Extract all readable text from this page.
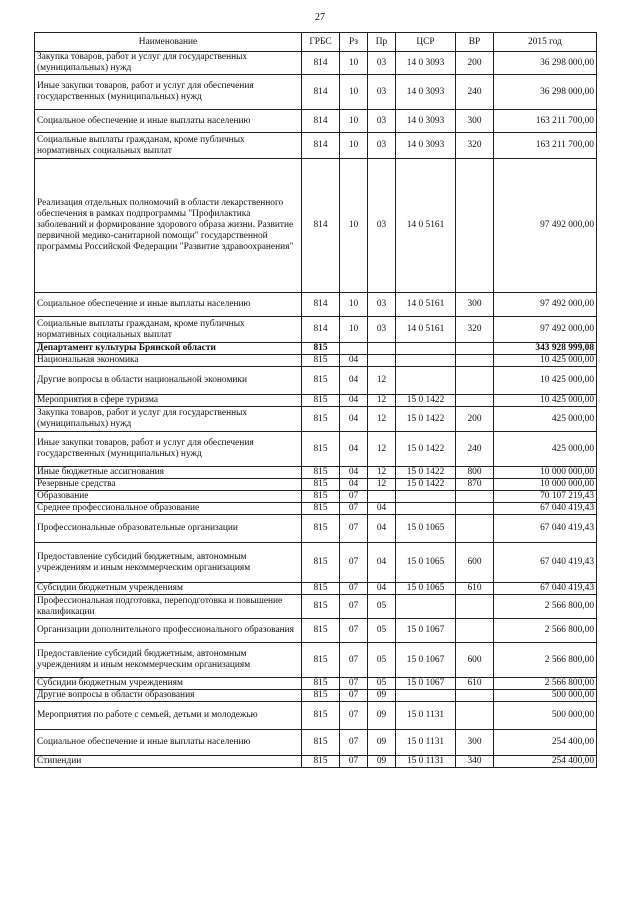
27
Наименование	ГРБС	Рз	Пр	ЦСР	ВР	2015 год
Закупка товаров, работ и услуг для государственных (муниципальных) нужд	814	10	03	14 0 3093	200	36 298 000,00
Иные закупки товаров, работ и услуг для обеспечения государственных (муниципальных) нужд	814	10	03	14 0 3093	240	36 298 000,00
Социальное обеспечение и иные выплаты населению	814	10	03	14 0 3093	300	163 211 700,00
Социальные выплаты гражданам, кроме публичных нормативных социальных выплат	814	10	03	14 0 3093	320	163 211 700,00
Реализация отдельных полномочий в области лекарственного обеспечения в рамках подпрограммы "Профилактика заболеваний и формирование здорового образа жизни. Развитие первичной медико-санитарной помощи" государственной программы Российской Федерации "Развитие здравоохранения"	814	10	03	14 0 5161		97 492 000,00
Социальное обеспечение и иные выплаты населению	814	10	03	14 0 5161	300	97 492 000,00
Социальные выплаты гражданам, кроме публичных нормативных социальных выплат	814	10	03	14 0 5161	320	97 492 000,00
Департамент культуры Брянской области	815					343 928 999,08
Национальная экономика	815	04				10 425 000,00
Другие вопросы в области национальной экономики	815	04	12			10 425 000,00
Мероприятия в сфере туризма	815	04	12	15 0 1422		10 425 000,00
Закупка товаров, работ и услуг для государственных (муниципальных) нужд	815	04	12	15 0 1422	200	425 000,00
Иные закупки товаров, работ и услуг для обеспечения государственных (муниципальных) нужд	815	04	12	15 0 1422	240	425 000,00
Иные бюджетные ассигнования	815	04	12	15 0 1422	800	10 000 000,00
Резервные средства	815	04	12	15 0 1422	870	10 000 000,00
Образование	815	07				70 107 219,43
Среднее профессиональное образование	815	07	04			67 040 419,43
Профессиональные образовательные организации	815	07	04	15 0 1065		67 040 419,43
Предоставление субсидий бюджетным, автономным учреждениям и иным некоммерческим организациям	815	07	04	15 0 1065	600	67 040 419,43
Субсидии бюджетным учреждениям	815	07	04	15 0 1065	610	67 040 419,43
Профессиональная подготовка, переподготовка и повышение квалификации	815	07	05			2 566 800,00
Организации дополнительного профессионального образования	815	07	05	15 0 1067		2 566 800,00
Предоставление субсидий бюджетным, автономным учреждениям и иным некоммерческим организациям	815	07	05	15 0 1067	600	2 566 800,00
Субсидии бюджетным учреждениям	815	07	05	15 0 1067	610	2 566 800,00
Другие вопросы в области образования	815	07	09			500 000,00
Мероприятия по работе с семьей, детьми и молодежью	815	07	09	15 0 1131		500 000,00
Социальное обеспечение и иные выплаты населению	815	07	09	15 0 1131	300	254 400,00
Стипендии	815	07	09	15 0 1131	340	254 400,00
